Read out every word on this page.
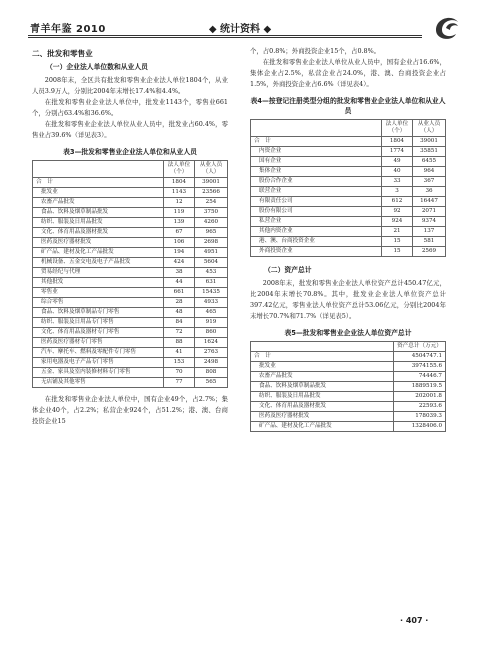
青羊年鉴 2010	◆ 统计资料 ◆
二、批发和零售业
（一）企业法人单位数和从业人员

2008年末，全区共有批发和零售业企业法人单位1804个，从业人员3.9万人，分别比2004年末增长17.4%和4.4%。

在批发和零售业企业法人单位中，批发业1143个，零售业661个，分别占63.4%和36.6%。

在批发和零售业企业法人单位从业人员中，批发业占60.4%，零售业占39.6%（详见表3）。

表3—批发和零售业企业法人单位和从业人员
	法人单位（个）	从业人员（人）
合　计	1804	39001
批发业	1143	23566
农畜产品批发	12	254
食品、饮料及烟草制品批发	119	3750
纺织、服装及日用品批发	139	4260
文化、体育用品及器材批发	67	965
医药及医疗器材批发	106	2698
矿产品、建材及化工产品批发	194	4951
机械设备、五金交电及电子产品批发	424	5604
贸易经纪与代理	38	453
其他批发	44	631
零售业	661	15435
综合零售	28	4933
食品、饮料及烟草制品专门零售	48	465
纺织、服装及日用品专门零售	84	919
文化、体育用品及器材专门零售	72	860
医药及医疗器材专门零售	88	1624
汽车、摩托车、燃料及零配件专门零售	41	2763
家用电器及电子产品专门零售	153	2498
五金、家具及室内装修材料专门零售	70	808
无店铺及其他零售	77	565

在批发和零售业企业法人单位中，国有企业49个，占2.7%；集体企业40个，占2.2%；私营企业924个，占51.2%；港、澳、台商投资企业15

个，占0.8%；外商投资企业15个，占0.8%。

在批发和零售业企业法人单位从业人员中，国有企业占16.6%，集体企业占2.5%，私营企业占24.0%，港、澳、台商投资企业占1.5%，外商投资企业占6.6%（详见表4）。

表4—按登记注册类型分组的批发和零售业企业法人单位和从业人员
	法人单位（个）	从业人员（人）
合　计	1804	39001
内资企业	1774	35851
国有企业	49	6455
集体企业	40	964
股份合作企业	33	367
联营企业	3	36
有限责任公司	612	16447
股份有限公司	92	2071
私营企业	924	9374
其他内资企业	21	137
港、澳、台商投资企业	15	581
外商投资企业	15	2569
（二）资产总计

2008年末，批发和零售业企业法人单位资产总计450.47亿元，比2004年末增长70.8%。其中，批发业企业法人单位资产总计397.42亿元，零售业法人单位资产总计53.06亿元，分别比2004年末增长70.7%和71.7%（详见表5）。

表5—批发和零售业企业法人单位资产总计
	资产总计（万元）
合　计	4504747.1
批发业	3974155.6
农畜产品批发	74446.7
食品、饮料及烟草制品批发	1889519.5
纺织、服装及日用品批发	202001.8
文化、体育用品及器材批发	22593.6
医药及医疗器材批发	178039.3
矿产品、建材及化工产品批发	1328406.0
· 407 ·
